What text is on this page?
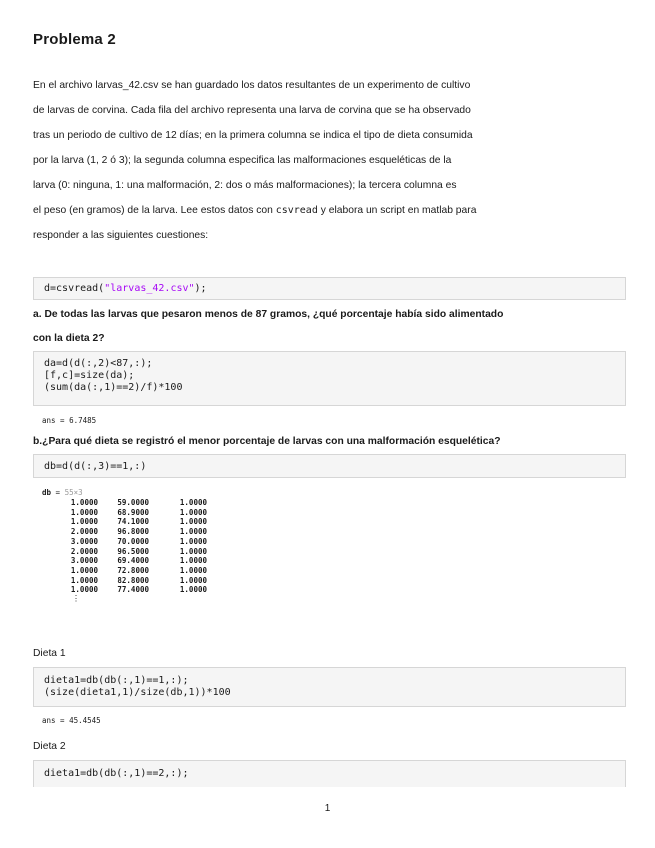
Problema 2
En el archivo larvas_42.csv se han guardado los datos resultantes de un experimento de cultivo
de larvas de corvina. Cada fila del archivo representa una larva de corvina que se ha observado
tras un periodo de cultivo de 12 días; en la primera columna se indica el tipo de dieta consumida
por la larva (1, 2 ó 3); la segunda columna especifica las malformaciones esqueléticas de la
larva (0: ninguna, 1: una malformación, 2: dos o más malformaciones); la tercera columna es
el peso (en gramos) de la larva. Lee estos datos con csvread y elabora un script en matlab para
responder a las siguientes cuestiones:
d=csvread("larvas_42.csv");
a. De todas las larvas que pesaron menos de 87 gramos, ¿qué porcentaje había sido alimentado
con la dieta 2?
da=d(d(:,2)<87,:);
[f,c]=size(da);
(sum(da(:,1)==2)/f)*100
ans = 6.7485
b.¿Para qué dieta se registró el menor porcentaje de larvas con una malformación esquelética?
db=d(d(:,3)==1,:)
db = 55×3
1.0000	59.0000	1.0000
1.0000	68.9000	1.0000
1.0000	74.1000	1.0000
2.0000	96.8000	1.0000
3.0000	70.0000	1.0000
2.0000	96.5000	1.0000
3.0000	69.4000	1.0000
1.0000	72.8000	1.0000
1.0000	82.8000	1.0000
1.0000	77.4000	1.0000
⋮
Dieta 1
dieta1=db(db(:,1)==1,:);
(size(dieta1,1)/size(db,1))*100
ans = 45.4545
Dieta 2
dieta1=db(db(:,1)==2,:);
1
